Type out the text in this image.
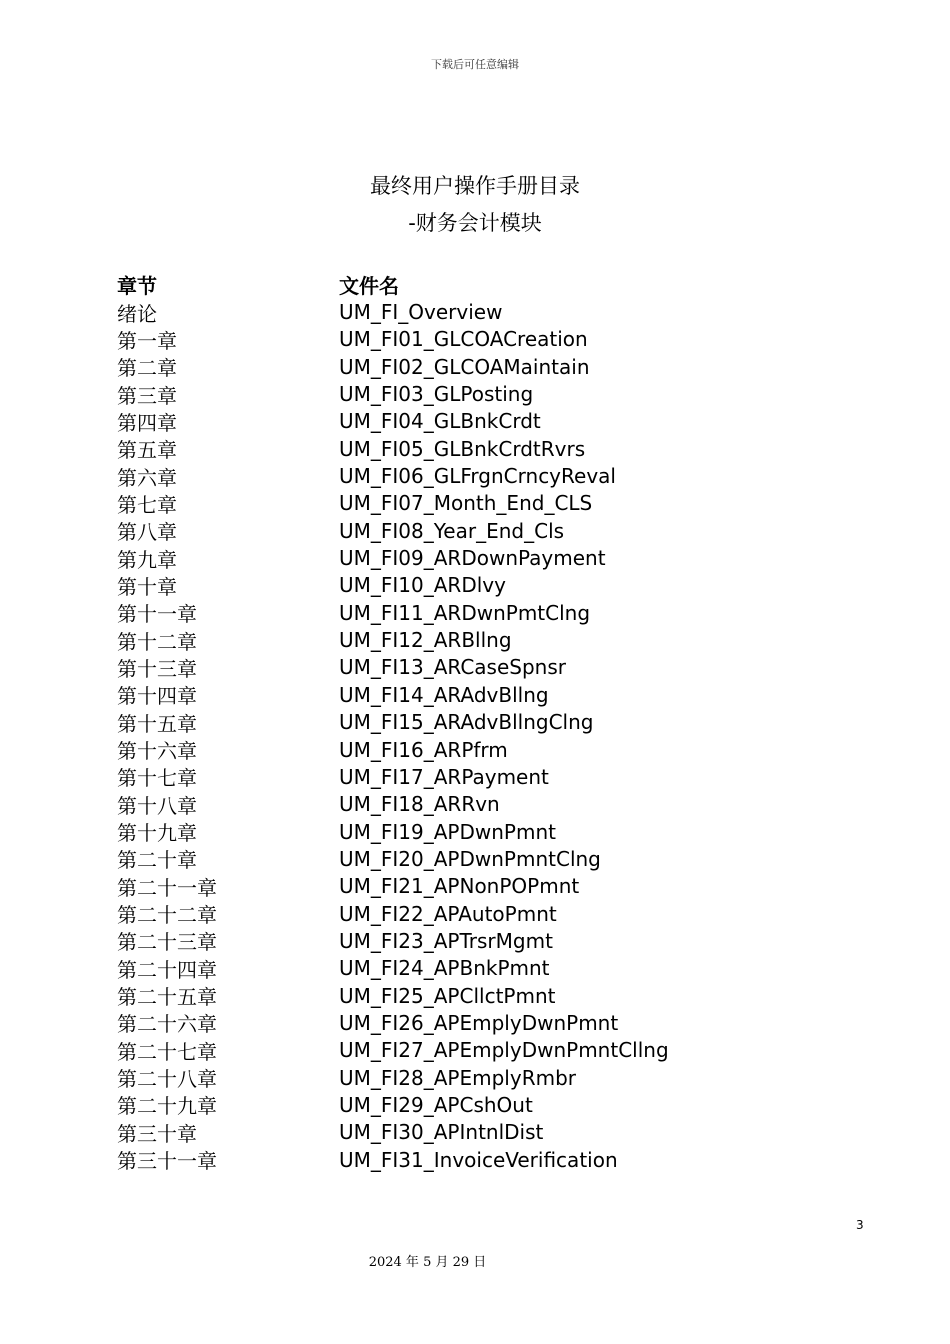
下载后可任意编辑
最终用户操作手册目录
-财务会计模块
章节	文件名
绪论	UM_FI_Overview
第一章	UM_FI01_GLCOACreation
第二章	UM_FI02_GLCOAMaintain
第三章	UM_FI03_GLPosting
第四章	UM_FI04_GLBnkCrdt
第五章	UM_FI05_GLBnkCrdtRvrs
第六章	UM_FI06_GLFrgnCrncyReval
第七章	UM_FI07_Month_End_CLS
第八章	UM_FI08_Year_End_Cls
第九章	UM_FI09_ARDownPayment
第十章	UM_FI10_ARDlvy
第十一章	UM_FI11_ARDwnPmtClng
第十二章	UM_FI12_ARBllng
第十三章	UM_FI13_ARCaseSpnsr
第十四章	UM_FI14_ARAdvBllng
第十五章	UM_FI15_ARAdvBllngClng
第十六章	UM_FI16_ARPfrm
第十七章	UM_FI17_ARPayment
第十八章	UM_FI18_ARRvn
第十九章	UM_FI19_APDwnPmnt
第二十章	UM_FI20_APDwnPmntClng
第二十一章	UM_FI21_APNonPOPmnt
第二十二章	UM_FI22_APAutoPmnt
第二十三章	UM_FI23_APTrsrMgmt
第二十四章	UM_FI24_APBnkPmnt
第二十五章	UM_FI25_APCllctPmnt
第二十六章	UM_FI26_APEmplyDwnPmnt
第二十七章	UM_FI27_APEmplyDwnPmntCllng
第二十八章	UM_FI28_APEmplyRmbr
第二十九章	UM_FI29_APCshOut
第三十章	UM_FI30_APIntnlDist
第三十一章	UM_FI31_InvoiceVerification
3
2024 年 5 月 29 日
